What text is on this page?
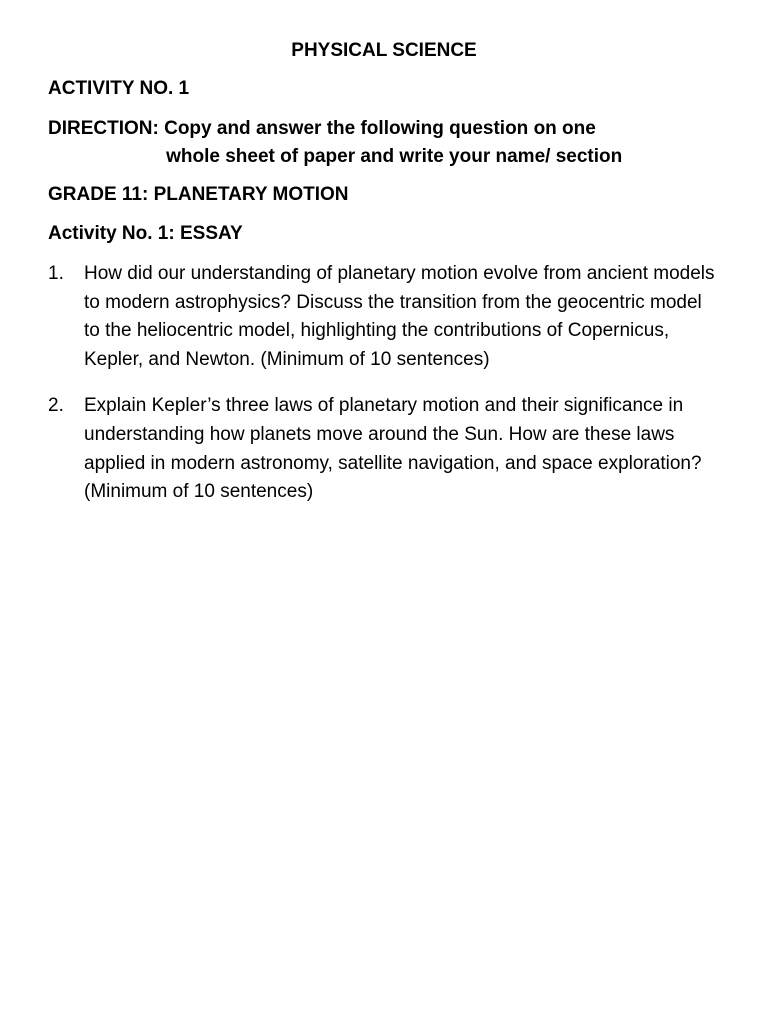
PHYSICAL SCIENCE
ACTIVITY NO. 1
DIRECTION: Copy and answer the following question on one
whole sheet of paper and write your name/ section
GRADE 11: PLANETARY MOTION
Activity No. 1: ESSAY
1.	How did our understanding of planetary motion evolve from ancient models to modern astrophysics? Discuss the transition from the geocentric model to the heliocentric model, highlighting the contributions of Copernicus, Kepler, and Newton. (Minimum of 10 sentences)
2.	Explain Kepler’s three laws of planetary motion and their significance in understanding how planets move around the Sun. How are these laws applied in modern astronomy, satellite navigation, and space exploration? (Minimum of 10 sentences)
